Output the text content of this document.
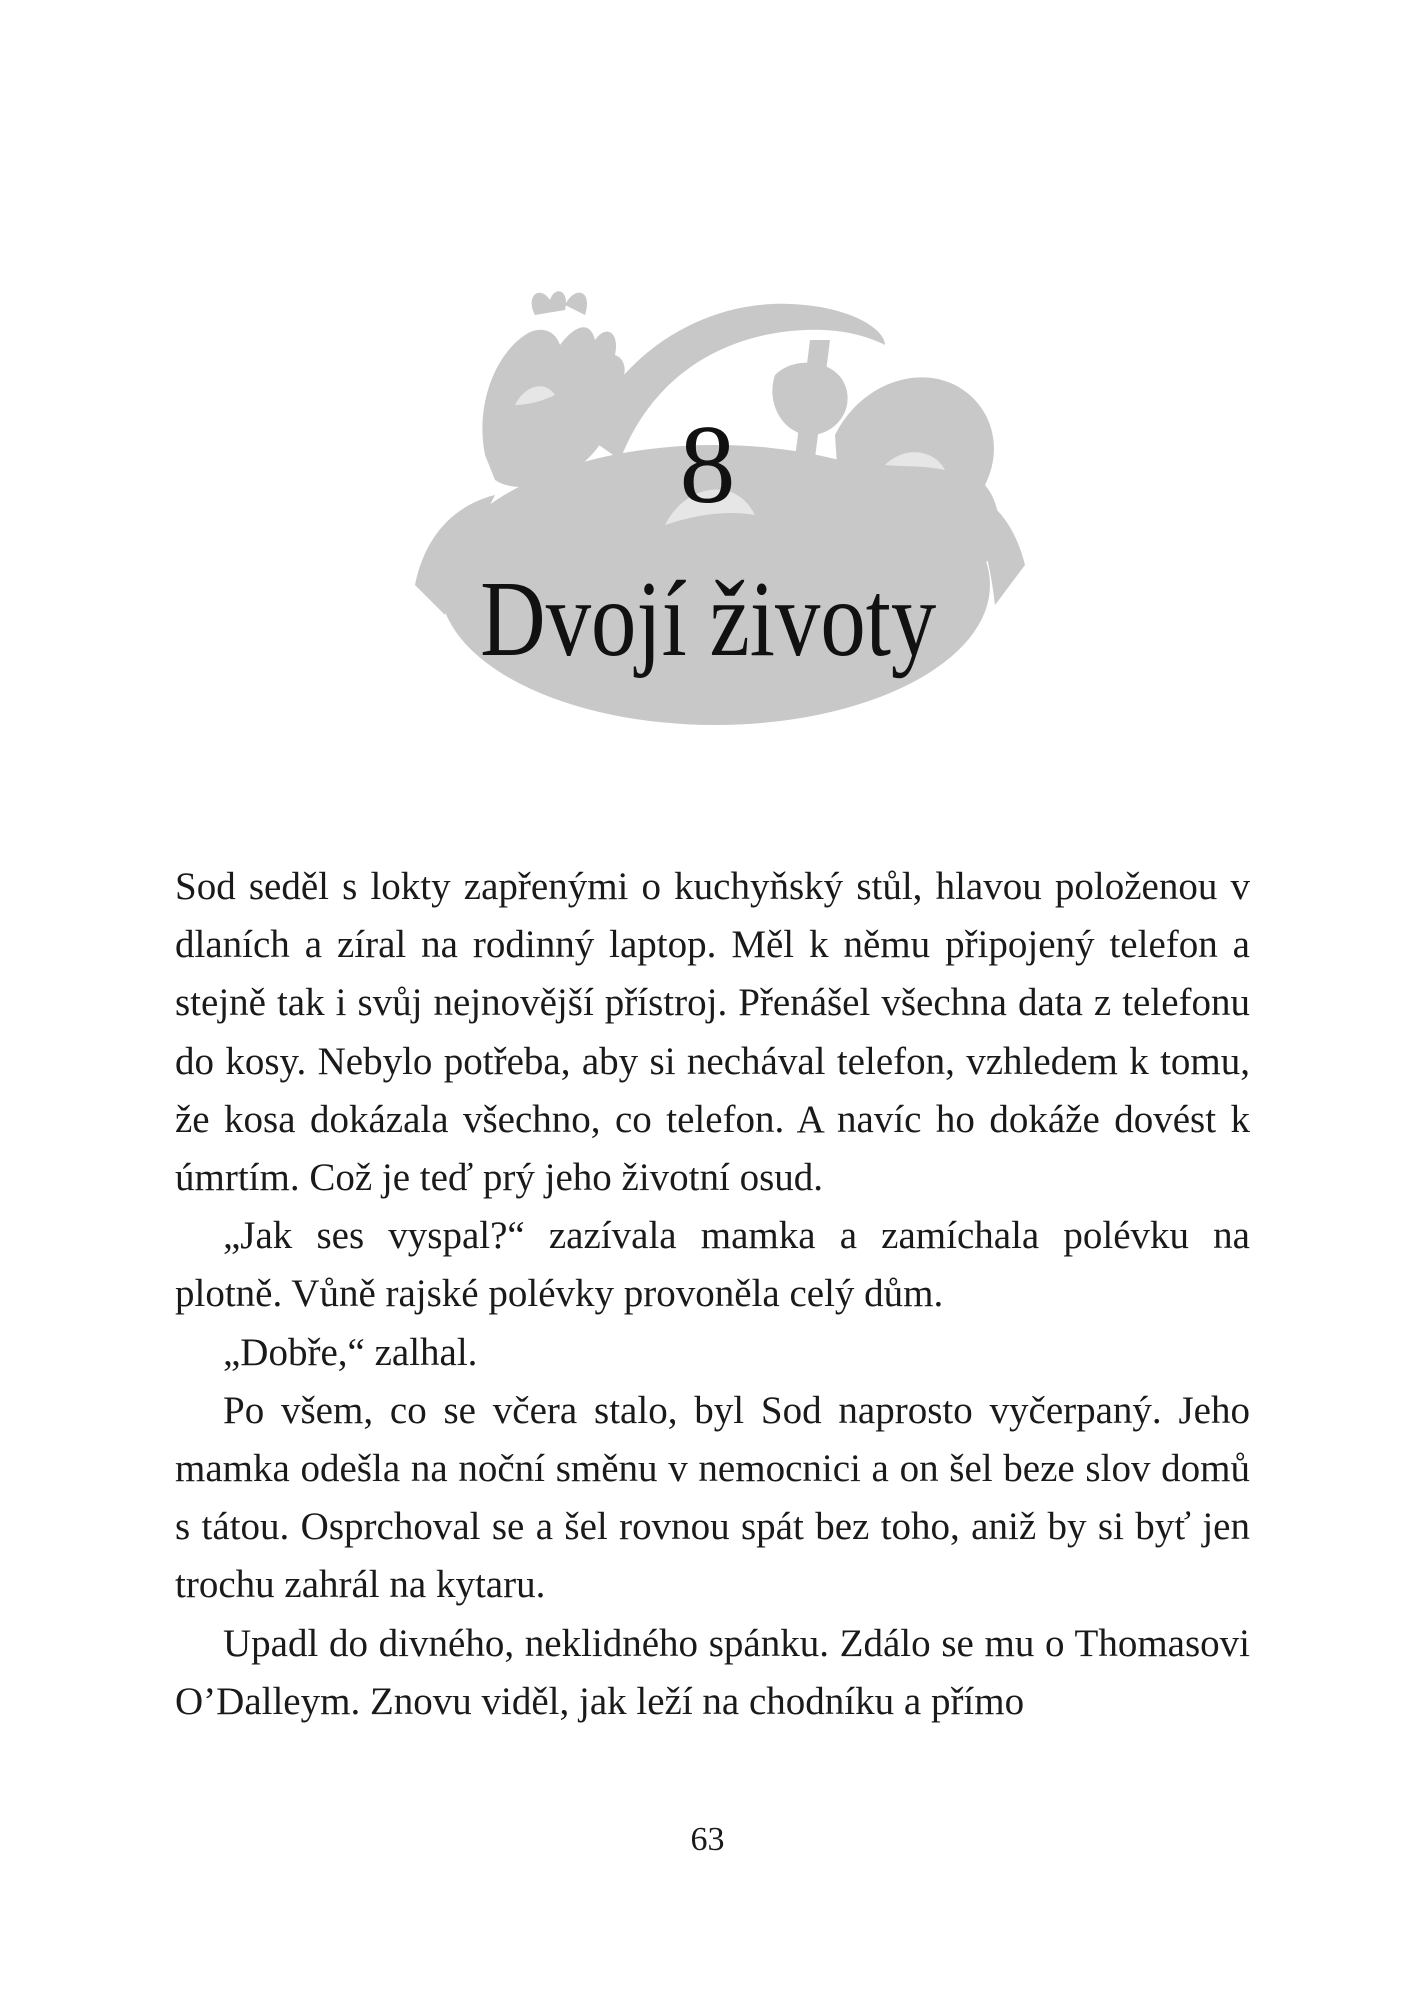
8
Dvojí životy

Sod seděl s lokty zapřenými o kuchyňský stůl, hlavou položenou v dlaních a zíral na rodinný laptop. Měl k němu připojený telefon a stejně tak i svůj nejnovější přístroj. Přenášel všechna data z telefonu do kosy. Nebylo potřeba, aby si nechával telefon, vzhledem k tomu, že kosa dokázala všechno, co telefon. A navíc ho dokáže dovést k úmrtím. Což je teď prý jeho životní osud.

„Jak ses vyspal?“ zazívala mamka a zamíchala polévku na plotně. Vůně rajské polévky provoněla celý dům.

„Dobře,“ zalhal.

Po všem, co se včera stalo, byl Sod naprosto vyčerpaný. Jeho mamka odešla na noční směnu v nemocnici a on šel beze slov domů s tátou. Osprchoval se a šel rovnou spát bez toho, aniž by si byť jen trochu zahrál na kytaru.

Upadl do divného, neklidného spánku. Zdálo se mu o Thomasovi O’Dalleym. Znovu viděl, jak leží na chodníku a přímo

63
